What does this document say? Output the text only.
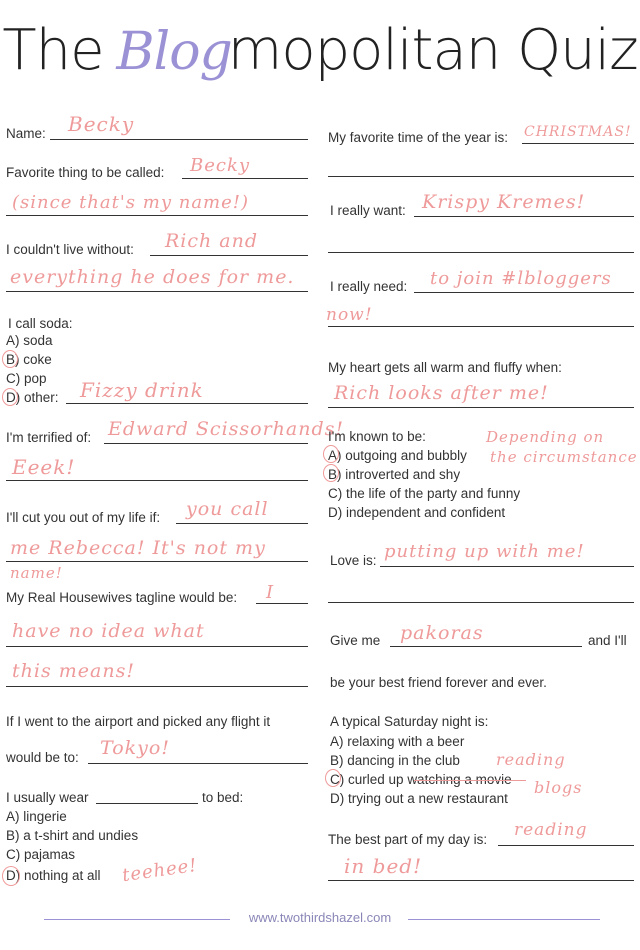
The Blogmopolitan Quiz
Name: Becky
Favorite thing to be called: Becky
(since that's my name!)
I couldn't live without: Rich and
everything he does for me.
I call soda:
A) soda
B) coke
C) pop
D) other: Fizzy drink
I'm terrified of: Edward Scissorhands!
Eeek!
I'll cut you out of my life if: you call
me Rebecca! It's not my
name!
My Real Housewives tagline would be: I
have no idea what
this means!
If I went to the airport and picked any flight it
would be to: Tokyo!
I usually wear	to bed:
A) lingerie
B) a t-shirt and undies
C) pajamas
D) nothing at all teehee!
My favorite time of the year is: CHRISTMAS!
I really want: Krispy Kremes!
I really need: to join #lbloggers
now!
My heart gets all warm and fluffy when:
Rich looks after me!
I'm known to be:
A) outgoing and bubbly
B) introverted and shy
C) the life of the party and funny
D) independent and confident
Depending on
the circumstance
Love is: putting up with me!
Give me pakoras	and I'll
be your best friend forever and ever.
A typical Saturday night is:
A) relaxing with a beer
B) dancing in the club
C) curled up watching a movie
D) trying out a new restaurant
reading
blogs
The best part of my day is: reading
in bed!
www.twothirdshazel.com
